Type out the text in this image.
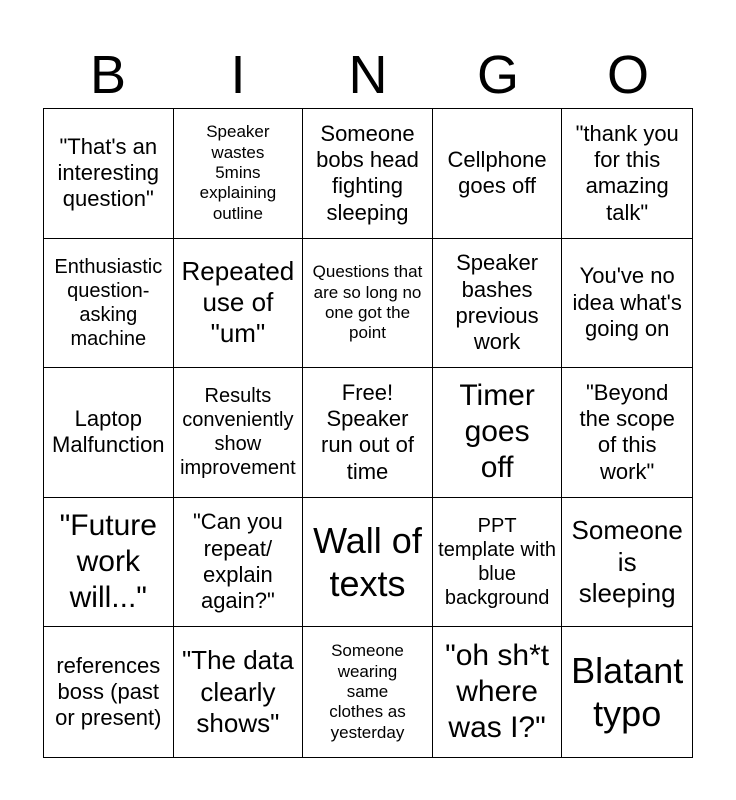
B	I	N	G	O
"That's an interesting question"
Speaker wastes 5mins explaining outline
Someone bobs head fighting sleeping
Cellphone goes off
"thank you for this amazing talk"
Enthusiastic question-asking machine
Repeated use of "um"
Questions that are so long no one got the point
Speaker bashes previous work
You've no idea what's going on
Laptop Malfunction
Results conveniently show improvement
Free! Speaker run out of time
Timer goes off
"Beyond the scope of this work"
"Future work will..."
"Can you repeat/ explain again?"
Wall of texts
PPT template with blue background
Someone is sleeping
references boss (past or present)
"The data clearly shows"
Someone wearing same clothes as yesterday
"oh sh*t where was I?"
Blatant typo
